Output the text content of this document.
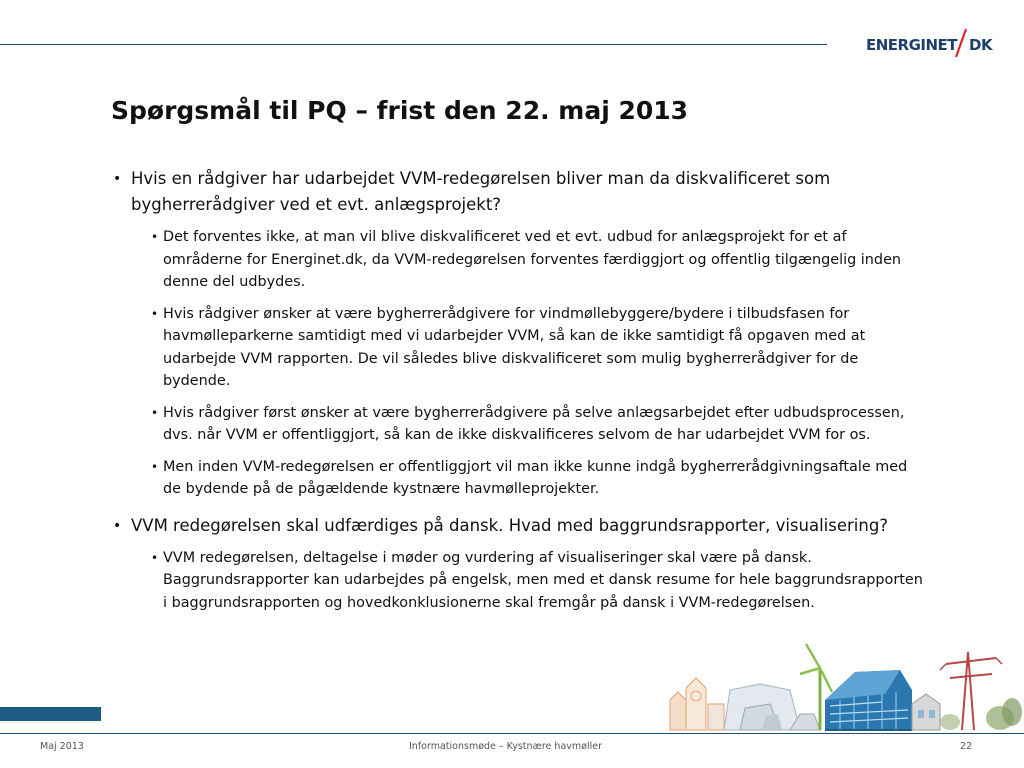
ENERGINET DK
Spørgsmål til PQ – frist den 22. maj 2013
• Hvis en rådgiver har udarbejdet VVM-redegørelsen bliver man da diskvalificeret som bygherrerådgiver ved et evt. anlægsprojekt?
• Det forventes ikke, at man vil blive diskvalificeret ved et evt. udbud for anlægsprojekt for et af områderne for Energinet.dk, da VVM-redegørelsen forventes færdiggjort og offentlig tilgængelig inden denne del udbydes.
• Hvis rådgiver ønsker at være bygherrerådgivere for vindmøllebyggere/bydere i tilbudsfasen for havmølleparkerne samtidigt med vi udarbejder VVM, så kan de ikke samtidigt få opgaven med at udarbejde VVM rapporten. De vil således blive diskvalificeret som mulig bygherrerådgiver for de bydende.
• Hvis rådgiver først ønsker at være bygherrerådgivere på selve anlægsarbejdet efter udbudsprocessen, dvs. når VVM er offentliggjort, så kan de ikke diskvalificeres selvom de har udarbejdet VVM for os.
• Men inden VVM-redegørelsen er offentliggjort vil man ikke kunne indgå bygherrerådgivningsaftale med de bydende på de pågældende kystnære havmølleprojekter.
• VVM redegørelsen skal udfærdiges på dansk. Hvad med baggrundsrapporter, visualisering?
• VVM redegørelsen, deltagelse i møder og vurdering af visualiseringer skal være på dansk. Baggrundsrapporter kan udarbejdes på engelsk, men med et dansk resume for hele baggrundsrapporten i baggrundsrapporten og hovedkonklusionerne skal fremgår på dansk i VVM-redegørelsen.
Maj 2013	Informationsmøde – Kystnære havmøller	22
